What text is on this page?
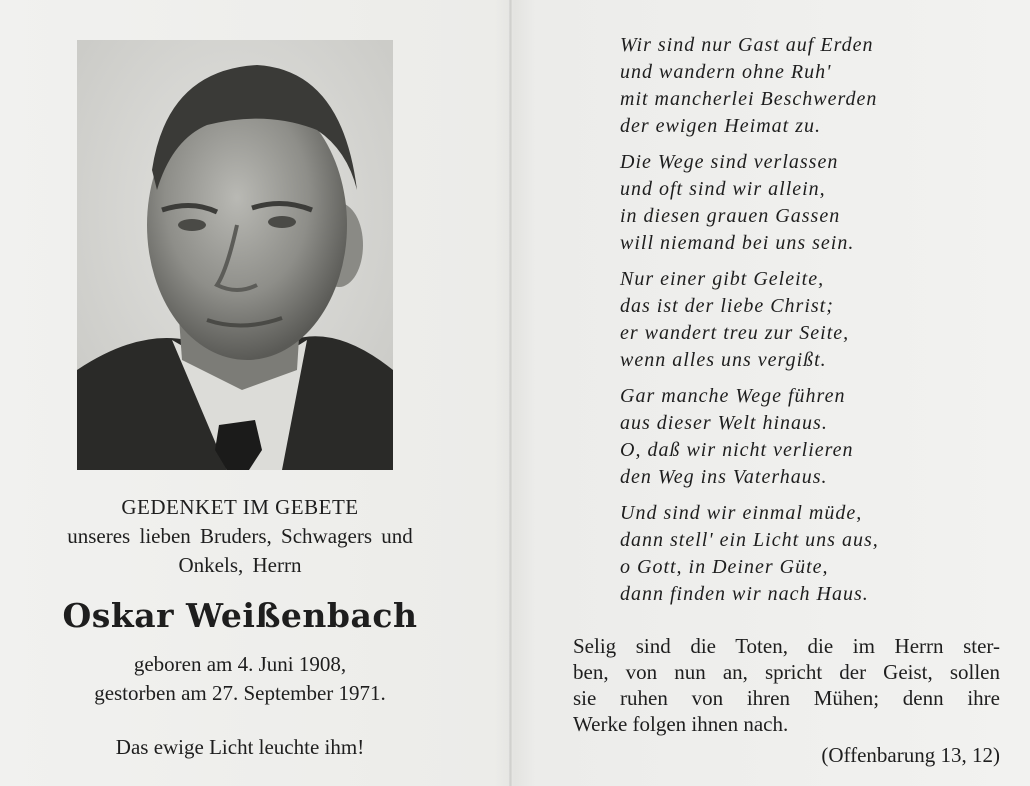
GEDENKET IM GEBETE
unseres lieben Bruders, Schwagers und
Onkels, Herrn
Oskar Weißenbach
geboren am 4. Juni 1908,
gestorben am 27. September 1971.
Das ewige Licht leuchte ihm!
Wir sind nur Gast auf Erden
und wandern ohne Ruh'
mit mancherlei Beschwerden
der ewigen Heimat zu.
Die Wege sind verlassen
und oft sind wir allein,
in diesen grauen Gassen
will niemand bei uns sein.
Nur einer gibt Geleite,
das ist der liebe Christ;
er wandert treu zur Seite,
wenn alles uns vergißt.
Gar manche Wege führen
aus dieser Welt hinaus.
O, daß wir nicht verlieren
den Weg ins Vaterhaus.
Und sind wir einmal müde,
dann stell' ein Licht uns aus,
o Gott, in Deiner Güte,
dann finden wir nach Haus.
Selig sind die Toten, die im Herrn ster-
ben, von nun an, spricht der Geist, sollen
sie ruhen von ihren Mühen; denn ihre
Werke folgen ihnen nach.
(Offenbarung 13, 12)
